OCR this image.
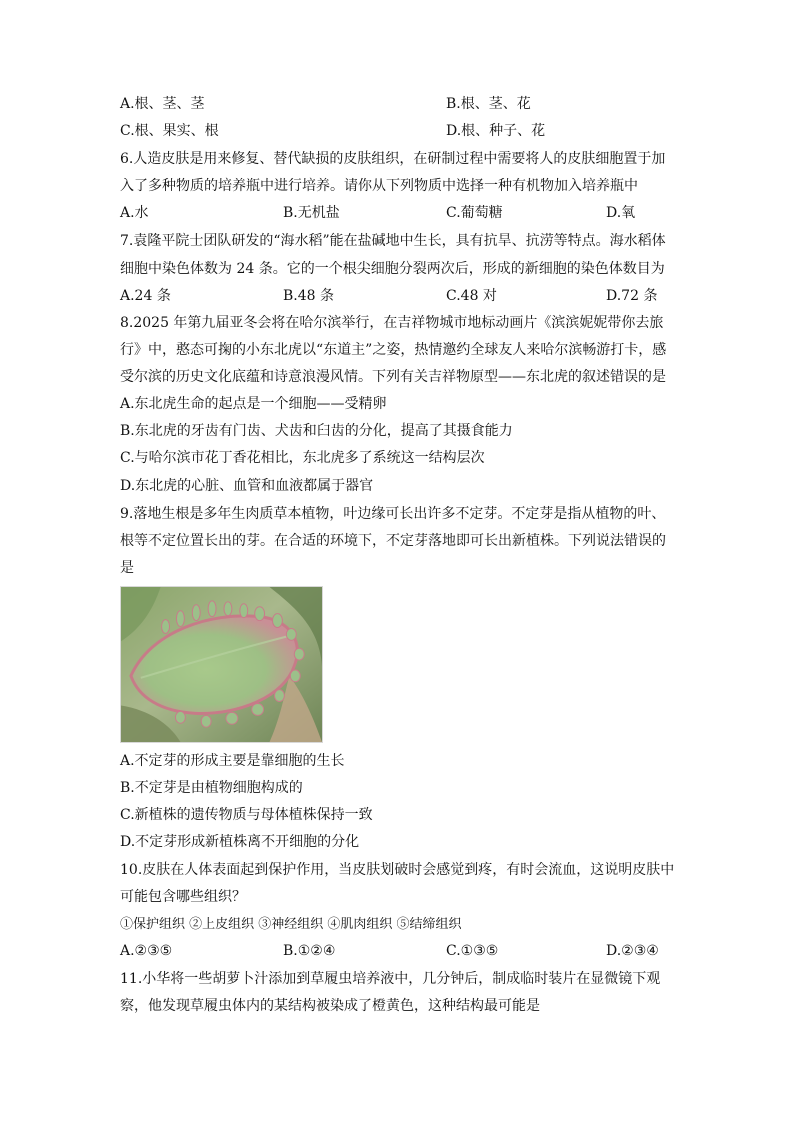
A.根、茎、茎	B.根、茎、花
C.根、果实、根	D.根、种子、花
6.人造皮肤是用来修复、替代缺损的皮肤组织，在研制过程中需要将人的皮肤细胞置于加
入了多种物质的培养瓶中进行培养。请你从下列物质中选择一种有机物加入培养瓶中
A.水	B.无机盐	C.葡萄糖	D.氧
7.袁隆平院士团队研发的“海水稻”能在盐碱地中生长，具有抗旱、抗涝等特点。海水稻体
细胞中染色体数为 24 条。它的一个根尖细胞分裂两次后，形成的新细胞的染色体数目为
A.24 条	B.48 条	C.48 对	D.72 条
8.2025 年第九届亚冬会将在哈尔滨举行，在吉祥物城市地标动画片《滨滨妮妮带你去旅
行》中，憨态可掬的小东北虎以“东道主”之姿，热情邀约全球友人来哈尔滨畅游打卡，感
受尔滨的历史文化底蕴和诗意浪漫风情。下列有关吉祥物原型——东北虎的叙述错误的是
A.东北虎生命的起点是一个细胞——受精卵
B.东北虎的牙齿有门齿、犬齿和臼齿的分化，提高了其摄食能力
C.与哈尔滨市花丁香花相比，东北虎多了系统这一结构层次
D.东北虎的心脏、血管和血液都属于器官
9.落地生根是多年生肉质草本植物，叶边缘可长出许多不定芽。不定芽是指从植物的叶、
根等不定位置长出的芽。在合适的环境下，不定芽落地即可长出新植株。下列说法错误的
是
A.不定芽的形成主要是靠细胞的生长
B.不定芽是由植物细胞构成的
C.新植株的遗传物质与母体植株保持一致
D.不定芽形成新植株离不开细胞的分化
10.皮肤在人体表面起到保护作用，当皮肤划破时会感觉到疼，有时会流血，这说明皮肤中
可能包含哪些组织？
①保护组织 ②上皮组织 ③神经组织 ④肌肉组织 ⑤结缔组织
A.②③⑤	B.①②④	C.①③⑤	D.②③④
11.小华将一些胡萝卜汁添加到草履虫培养液中，几分钟后，制成临时装片在显微镜下观
察，他发现草履虫体内的某结构被染成了橙黄色，这种结构最可能是
